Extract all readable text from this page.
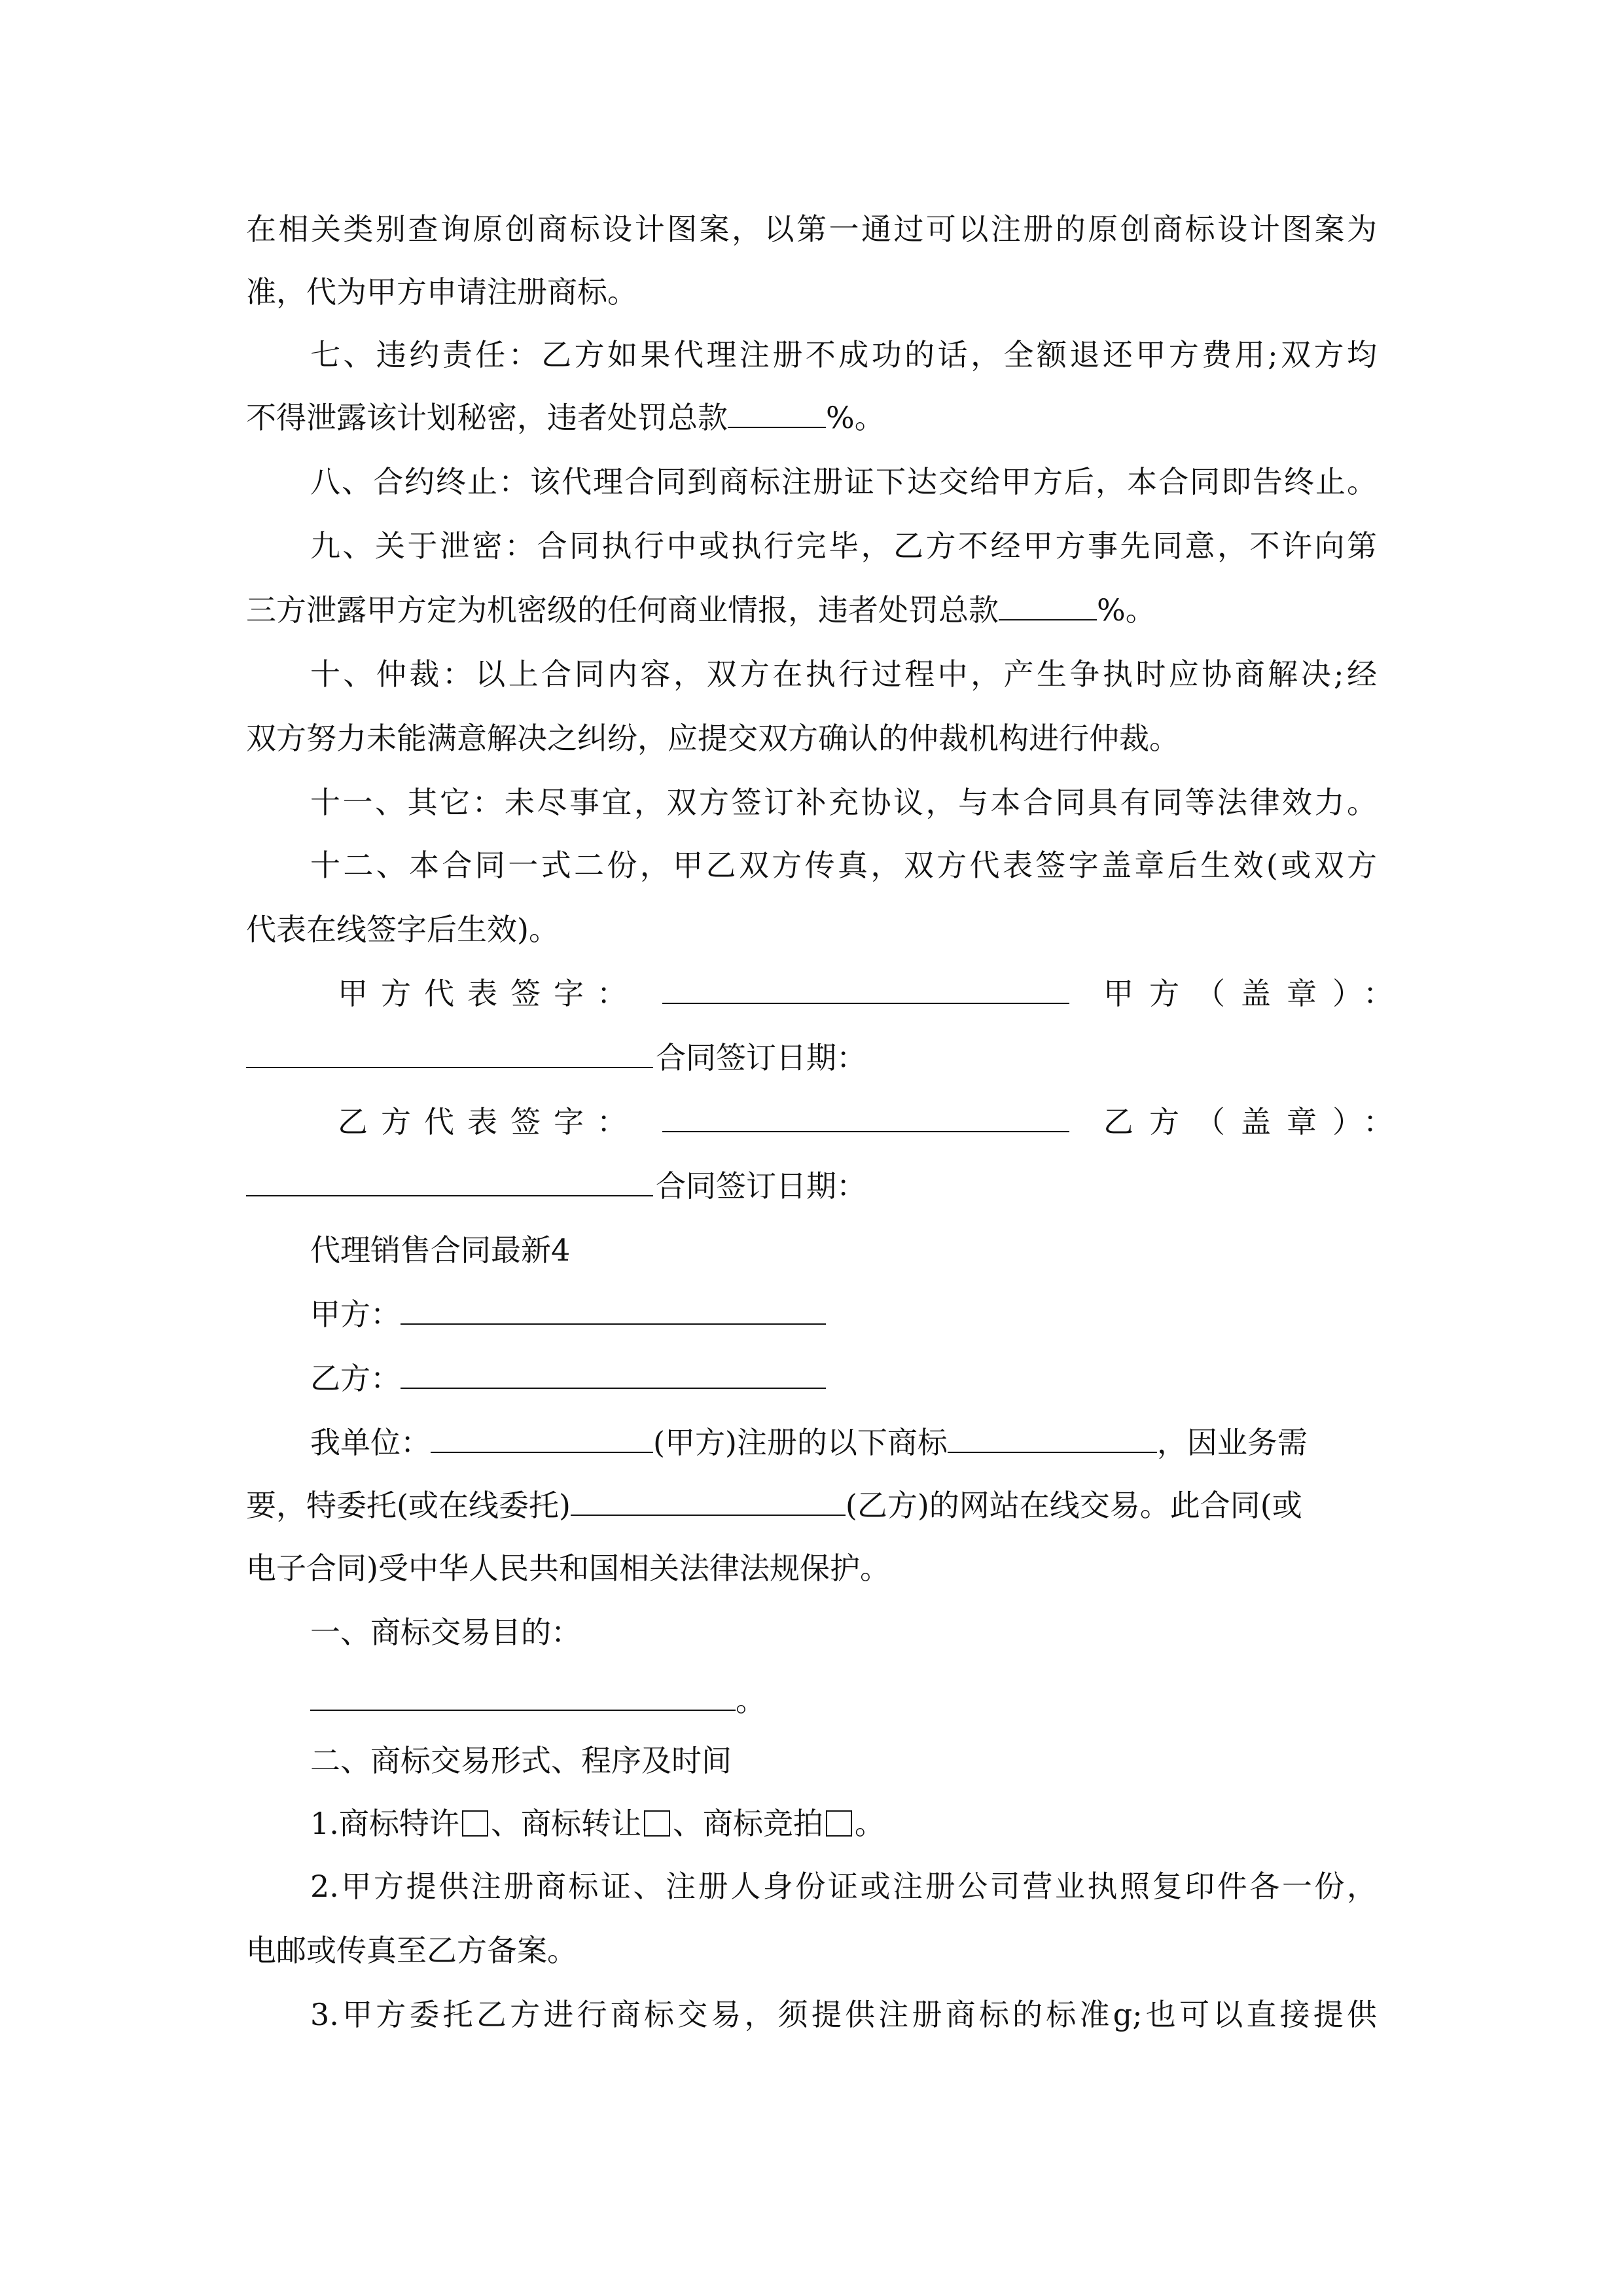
在相关类别查询原创商标设计图案，以第一通过可以注册的原创商标设计图案为
准，代为甲方申请注册商标。
七、违约责任：乙方如果代理注册不成功的话，全额退还甲方费用;双方均
不得泄露该计划秘密，违者处罚总款	%。
八、合约终止：该代理合同到商标注册证下达交给甲方后，本合同即告终止。
九、关于泄密：合同执行中或执行完毕，乙方不经甲方事先同意，不许向第
三方泄露甲方定为机密级的任何商业情报，违者处罚总款	%。
十、仲裁：以上合同内容，双方在执行过程中，产生争执时应协商解决;经
双方努力未能满意解决之纠纷，应提交双方确认的仲裁机构进行仲裁。
十一、其它：未尽事宜，双方签订补充协议，与本合同具有同等法律效力。
十二、本合同一式二份，甲乙双方传真，双方代表签字盖章后生效(或双方
代表在线签字后生效)。
甲方代表签字：	甲方（盖章）：
合同签订日期：
乙方代表签字：	乙方（盖章）：
合同签订日期：
代理销售合同最新4
甲方：
乙方：
我单位：	(甲方)注册的以下商标	，因业务需
要，特委托(或在线委托)	(乙方)的网站在线交易。此合同(或
电子合同)受中华人民共和国相关法律法规保护。
一、商标交易目的：
。
二、商标交易形式、程序及时间
1.商标特许 、商标转让 、商标竞拍 。
2.甲方提供注册商标证、注册人身份证或注册公司营业执照复印件各一份，
电邮或传真至乙方备案。
3.甲方委托乙方进行商标交易，须提供注册商标的标准g;也可以直接提供
